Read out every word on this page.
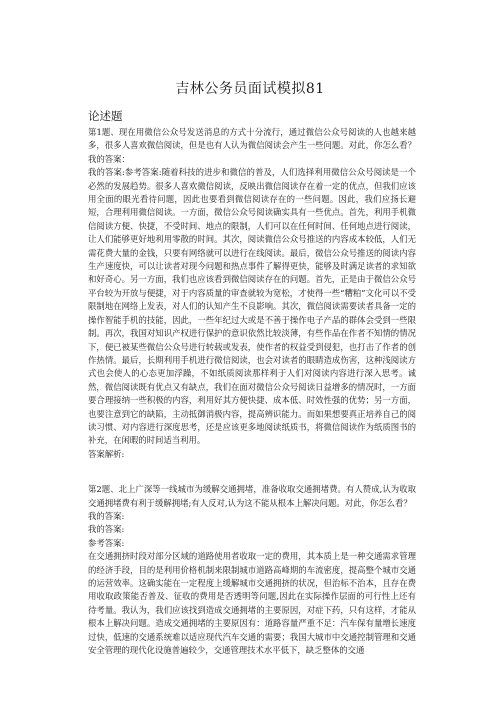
吉林公务员面试模拟81
论述题

第1题、现在用微信公众号发送消息的方式十分流行，通过微信公众号阅读的人也越来越多，很多人喜欢微信阅读，但是也有人认为微信阅读会产生一些问题。对此，你怎么看？我的答案：

我的答案:参考答案:随着科技的进步和微信的普及，人们选择利用微信公众号阅读是一个必然的发展趋势。很多人喜欢微信阅读，反映出微信阅读存在着一定的优点，但我们应该用全面的眼光看待问题，因此也要看到微信阅读存在的一些问题。因此，我们应扬长避短，合理利用微信阅读。一方面，微信公众号阅读确实具有一些优点。首先，利用手机微信阅读方便、快捷，不受时间、地点的限制，人们可以在任何时间、任何地点进行阅读，让人们能够更好地利用零散的时间。其次，阅读微信公众号推送的内容成本较低，人们无需花费大量的金钱，只要有网络就可以进行在线阅读。最后，微信公众号推送的阅读内容生产速度快，可以让读者对现今问题和热点事件了解得更快，能够及时满足读者的求知欲和好奇心。另一方面，我们也应该看到微信阅读存在的问题。首先，正是由于微信公众号平台较为开放与便捷，对于内容质量的审查就较为宽松，才使得一些“糟粕”文化可以不受限制地在网络上发表，对人们的认知产生不良影响。其次，微信阅读需要读者具备一定的操作智能手机的技能，因此，一些年纪过大或是不善于操作电子产品的群体会受到一些限制。再次，我国对知识产权进行保护的意识依然比较淡薄，有些作品在作者不知情的情况下，便已被某些微信公众号进行转载或发表，使作者的权益受到侵犯，也打击了作者的创作热情。最后，长期利用手机进行微信阅读，也会对读者的眼睛造成伤害，这种浅阅读方式也会使人的心态更加浮躁，不如纸质阅读那样利于人们对阅读内容进行深入思考。诚然，微信阅读既有优点又有缺点，我们在面对微信公众号阅读日益增多的情况时，一方面要合理接纳一些积极的内容，利用好其方便快捷、成本低、时效性强的优势；另一方面，也要注意到它的缺陷，主动抵御消极内容，提高辨识能力。而如果想要真正培养自己的阅读习惯、对内容进行深度思考，还是应该更多地阅读纸质书，将微信阅读作为纸质图书的补充，在闲暇的时间适当利用。

答案解析:

第2题、北上广深等一线城市为缓解交通拥堵，准备收取交通拥堵费。有人赞成,认为收取交通拥堵费有利于缓解拥堵;有人反对,认为这不能从根本上解决问题。对此，你怎么看？

我的答案:

我的答案:

参考答案:

在交通拥挤时段对部分区域的道路使用者收取一定的费用，其本质上是一种交通需求管理的经济手段，目的是利用价格机制来限制城市道路高峰期的车流密度，提高整个城市交通的运营效率。这确实能在一定程度上缓解城市交通拥挤的状况，但治标不治本，且存在费用收取政策能否普及、征收的费用是否透明等问题,因此在实际操作层面的可行性上还有待考量。我认为，我们应该找到造成交通拥堵的主要原因，对症下药，只有这样，才能从根本上解决问题。造成交通拥堵的主要原因有：道路容量严重不足：汽车保有量增长速度过快，低速的交通系统难以适应现代汽车交通的需要；我国大城市中交通控制管理和交通安全管理的现代化设施普遍较少，交通管理技术水平低下，缺乏整体的交通
